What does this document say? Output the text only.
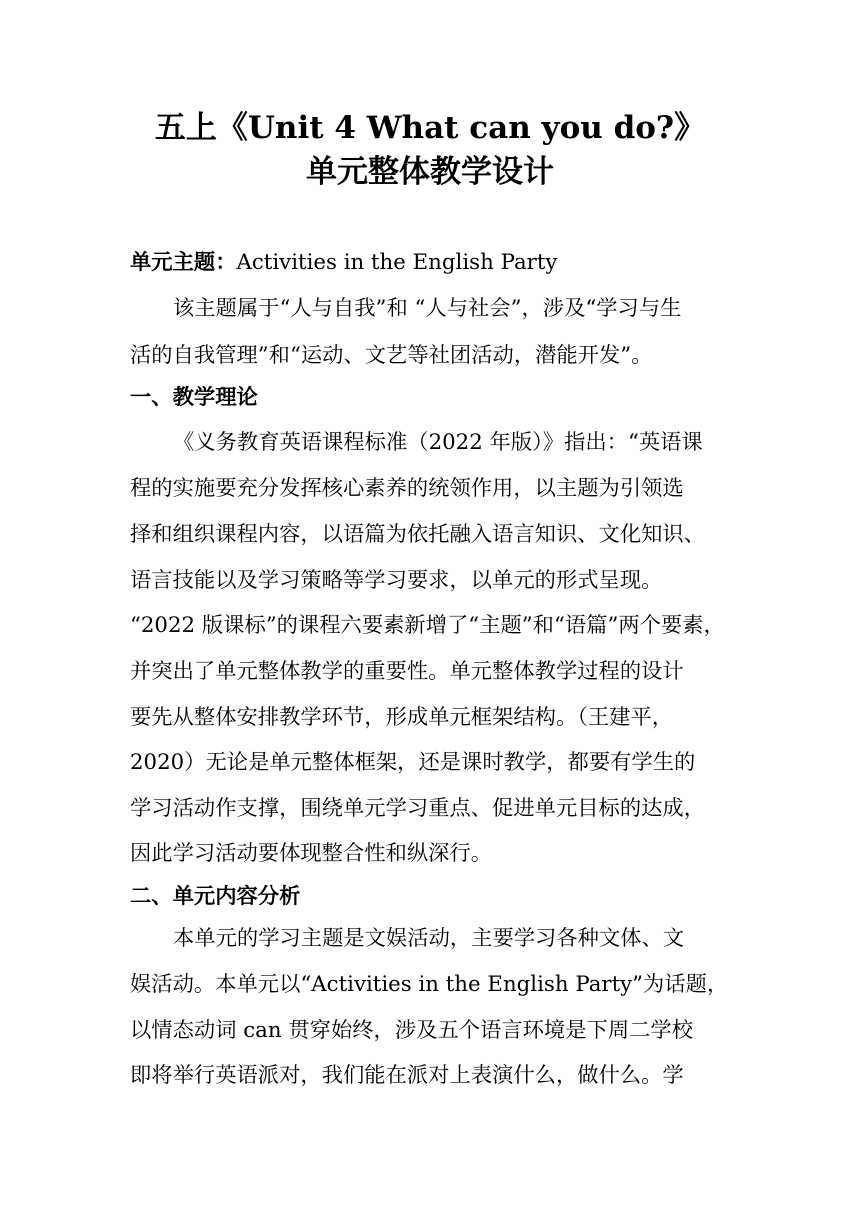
五上《Unit 4 What can you do?》
单元整体教学设计
单元主题：Activities in the English Party
该主题属于“人与自我”和 “人与社会”，涉及“学习与生
活的自我管理”和“运动、文艺等社团活动，潜能开发”。
一、教学理论
《义务教育英语课程标准（2022 年版）》指出：“英语课
程的实施要充分发挥核心素养的统领作用，以主题为引领选
择和组织课程内容，以语篇为依托融入语言知识、文化知识、
语言技能以及学习策略等学习要求，以单元的形式呈现。
“2022 版课标”的课程六要素新增了“主题”和“语篇”两个要素，
并突出了单元整体教学的重要性。单元整体教学过程的设计
要先从整体安排教学环节，形成单元框架结构。（王建平，
2020）无论是单元整体框架，还是课时教学，都要有学生的
学习活动作支撑，围绕单元学习重点、促进单元目标的达成，
因此学习活动要体现整合性和纵深行。
二、单元内容分析
本单元的学习主题是文娱活动，主要学习各种文体、文
娱活动。本单元以“Activities in the English Party”为话题，
以情态动词 can 贯穿始终，涉及五个语言环境是下周二学校
即将举行英语派对，我们能在派对上表演什么，做什么。学
